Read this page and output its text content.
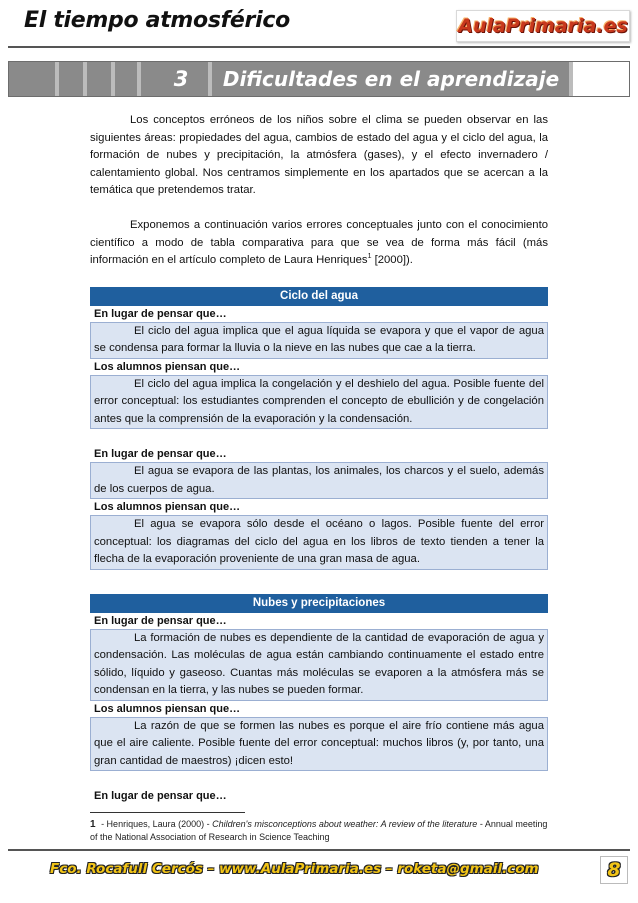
El tiempo atmosférico	AulaPrimaria.es
3	Dificultades en el aprendizaje

Los conceptos erróneos de los niños sobre el clima se pueden observar en las siguientes áreas: propiedades del agua, cambios de estado del agua y el ciclo del agua, la formación de nubes y precipitación, la atmósfera (gases), y el efecto invernadero / calentamiento global. Nos centramos simplemente en los apartados que se acercan a la temática que pretendemos tratar.

Exponemos a continuación varios errores conceptuales junto con el conocimiento científico a modo de tabla comparativa para que se vea de forma más fácil (más información en el artículo completo de Laura Henriques$^1$ [2000]).

Ciclo del agua
En lugar de pensar que…
El ciclo del agua implica que el agua líquida se evapora y que el vapor de agua se condensa para formar la lluvia o la nieve en las nubes que cae a la tierra.
Los alumnos piensan que…
El ciclo del agua implica la congelación y el deshielo del agua. Posible fuente del error conceptual: los estudiantes comprenden el concepto de ebullición y de congelación antes que la comprensión de la evaporación y la condensación.
En lugar de pensar que…
El agua se evapora de las plantas, los animales, los charcos y el suelo, además de los cuerpos de agua.
Los alumnos piensan que…
El agua se evapora sólo desde el océano o lagos. Posible fuente del error conceptual: los diagramas del ciclo del agua en los libros de texto tienden a tener la flecha de la evaporación proveniente de una gran masa de agua.
Nubes y precipitaciones
En lugar de pensar que…
La formación de nubes es dependiente de la cantidad de evaporación de agua y condensación. Las moléculas de agua están cambiando continuamente el estado entre sólido, líquido y gaseoso. Cuantas más moléculas se evaporen a la atmósfera más se condensan en la tierra, y las nubes se pueden formar.
Los alumnos piensan que…
La razón de que se formen las nubes es porque el aire frío contiene más agua que el aire caliente. Posible fuente del error conceptual: muchos libros (y, por tanto, una gran cantidad de maestros) ¡dicen esto!
En lugar de pensar que…
1 - Henriques, Laura (2000) - Children's misconceptions about weather: A review of the literature - Annual meeting of the National Association of Research in Science Teaching
Fco. Rocafull Cercós – www.AulaPrimaria.es – roketa@gmail.com	8
